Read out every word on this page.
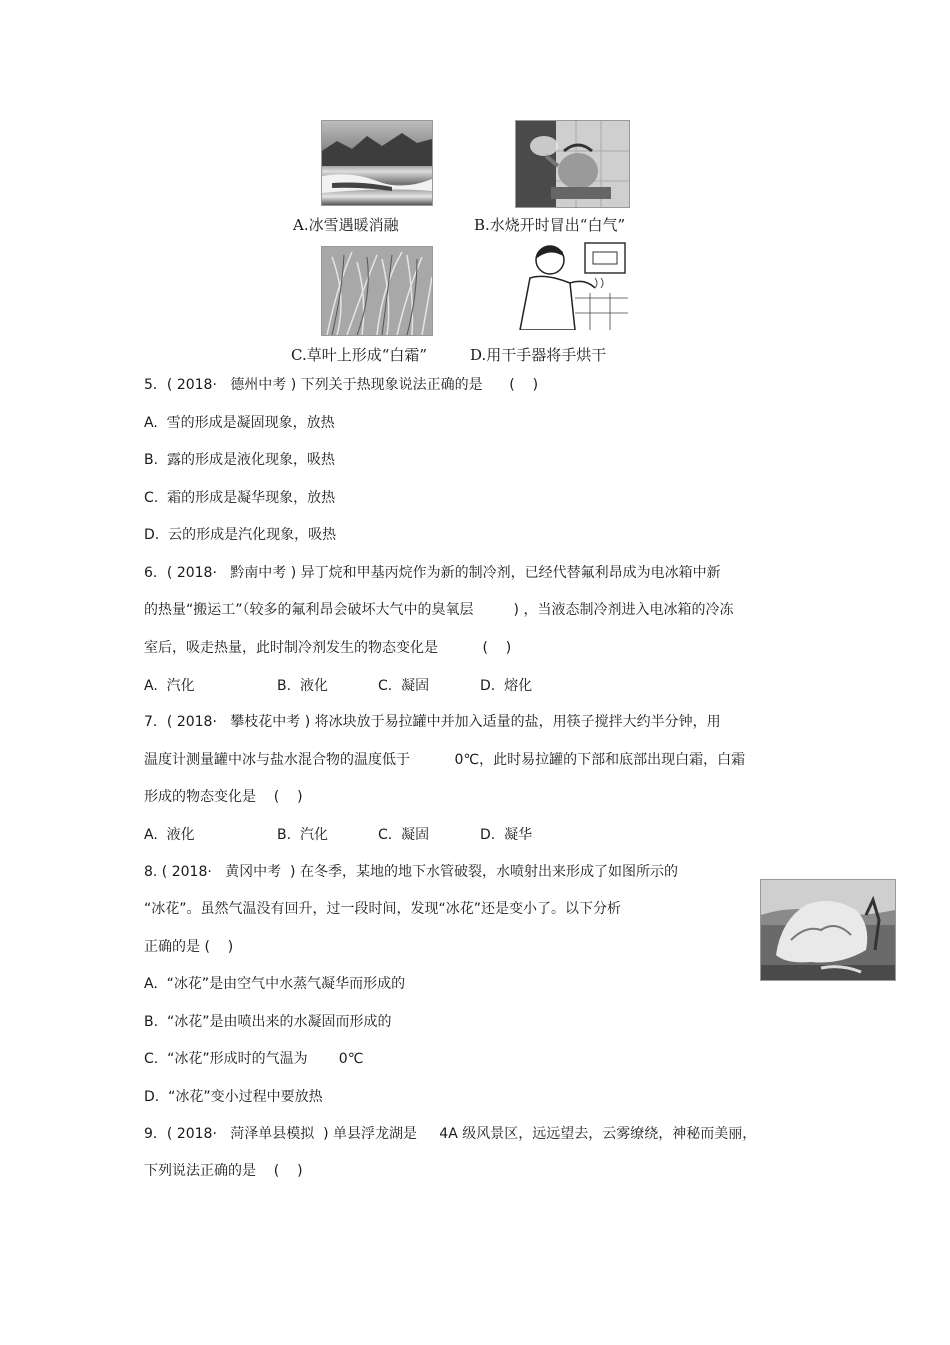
A.冰雪遇暖消融	B.水烧开时冒出“白气”
C.草叶上形成“白霜”	D.用干手器将手烘干
5．( 2018·   德州中考 ) 下列关于热现象说法正确的是      (    )
A.  雪的形成是凝固现象，放热
B.  露的形成是液化现象，吸热
C.  霜的形成是凝华现象，放热
D.  云的形成是汽化现象，吸热
6．( 2018·   黔南中考 ) 异丁烷和甲基丙烷作为新的制冷剂，已经代替氟利昂成为电冰箱中新
的热量“搬运工”（较多的氟利昂会破坏大气中的臭氧层         ) ，当液态制冷剂进入电冰箱的冷冻
室后，吸走热量，此时制冷剂发生的物态变化是          (    )
A.  汽化	B.  液化	C.  凝固	D.  熔化
7．( 2018·   攀枝花中考 ) 将冰块放于易拉罐中并加入适量的盐，用筷子搅拌大约半分钟，用
温度计测量罐中冰与盐水混合物的温度低于          0℃，此时易拉罐的下部和底部出现白霜，白霜
形成的物态变化是    (    )
A.  液化	B.  汽化	C.  凝固	D.  凝华
8. ( 2018·   黄冈中考  ) 在冬季，某地的地下水管破裂，水喷射出来形成了如图所示的
“冰花”。虽然气温没有回升，过一段时间，发现“冰花”还是变小了。以下分析
正确的是 (    )
A.  “冰花”是由空气中水蒸气凝华而形成的
B.  “冰花”是由喷出来的水凝固而形成的
C.  “冰花”形成时的气温为       0℃
D.  “冰花”变小过程中要放热
9．( 2018·   菏泽单县模拟  ) 单县浮龙湖是     4A 级风景区，远远望去，云雾缭绕，神秘而美丽，
下列说法正确的是    (    )
